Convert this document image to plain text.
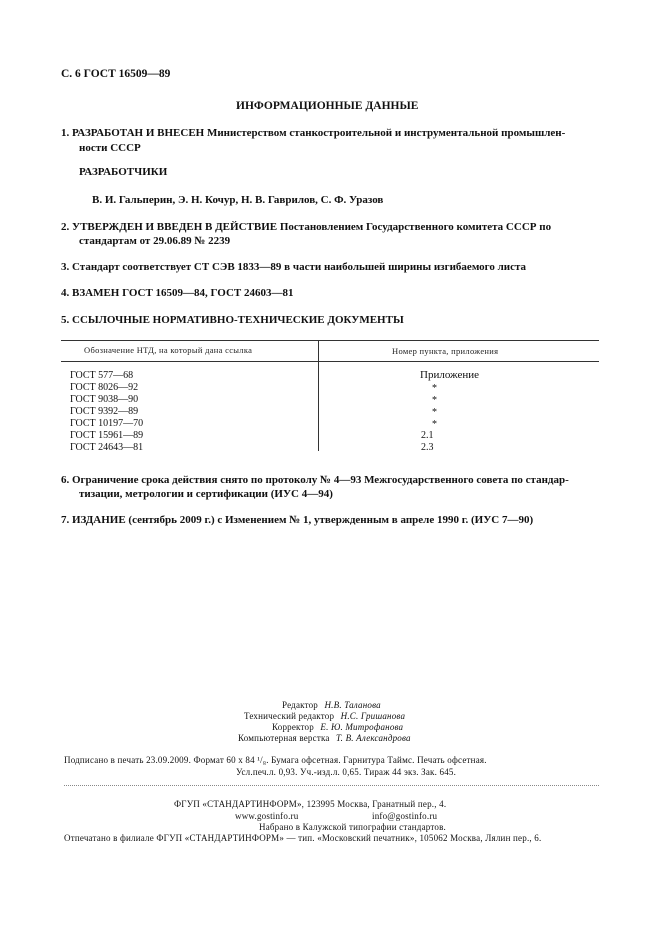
С. 6 ГОСТ 16509—89
ИНФОРМАЦИОННЫЕ ДАННЫЕ
1. РАЗРАБОТАН И ВНЕСЕН Министерством станкостроительной и инструментальной промышлен-
ности СССР
РАЗРАБОТЧИКИ
В. И. Гальперин, Э. Н. Кочур, Н. В. Гаврилов, С. Ф. Уразов
2. УТВЕРЖДЕН И ВВЕДЕН В ДЕЙСТВИЕ Постановлением Государственного комитета СССР по
стандартам от 29.06.89 № 2239
3. Стандарт соответствует СТ СЭВ 1833—89 в части наибольшей ширины изгибаемого листа
4. ВЗАМЕН ГОСТ 16509—84, ГОСТ 24603—81
5. ССЫЛОЧНЫЕ НОРМАТИВНО-ТЕХНИЧЕСКИЕ ДОКУМЕНТЫ
Обозначение НТД, на который дана ссылка	Номер пункта, приложения
ГОСТ 577—68	Приложение
ГОСТ 8026—92	*
ГОСТ 9038—90	*
ГОСТ 9392—89	*
ГОСТ 10197—70	*
ГОСТ 15961—89	2.1
ГОСТ 24643—81	2.3
6. Ограничение срока действия снято по протоколу № 4—93 Межгосударственного совета по стандар-
тизации, метрологии и сертификации (ИУС 4—94)
7. ИЗДАНИЕ (сентябрь 2009 г.) с Изменением № 1, утвержденным в апреле 1990 г. (ИУС 7—90)
Редактор Н.В. Таланова
Технический редактор Н.С. Гришанова
Корректор Е. Ю. Митрофанова
Компьютерная верстка Т. В. Александрова
Подписано в печать 23.09.2009. Формат 60 х 84 ¹/₈. Бумага офсетная. Гарнитура Таймс. Печать офсетная.
Усл.печ.л. 0,93. Уч.-изд.л. 0,65. Тираж 44 экз. Зак. 645.
ФГУП «СТАНДАРТИНФОРМ», 123995 Москва, Гранатный пер., 4.
www.gostinfo.ru	info@gostinfo.ru
Набрано в Калужской типографии стандартов.
Отпечатано в филиале ФГУП «СТАНДАРТИНФОРМ» — тип. «Московский печатник», 105062 Москва, Лялин пер., 6.
